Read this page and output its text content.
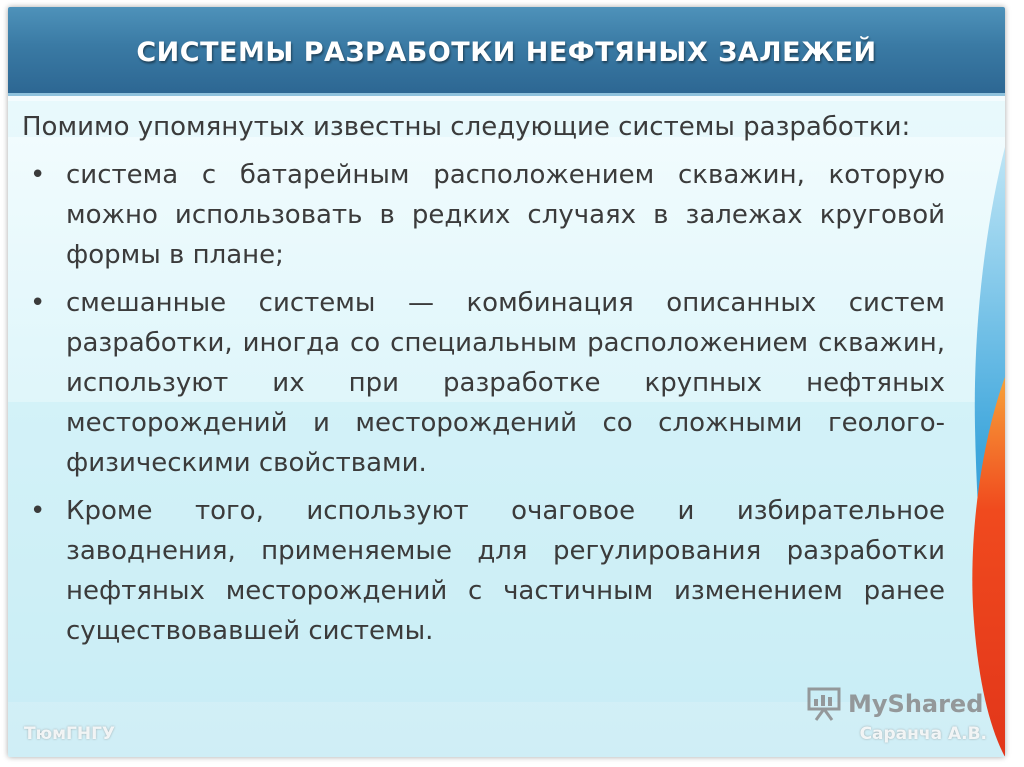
СИСТЕМЫ РАЗРАБОТКИ НЕФТЯНЫХ ЗАЛЕЖЕЙ

Помимо упомянутых известны следующие системы разработки:

• система с батарейным расположением скважин, которую можно использовать в редких случаях в залежах круговой формы в плане;
• смешанные системы — комбинация описанных систем разработки, иногда со специальным расположением скважин, используют их при разработке крупных нефтяных месторождений и месторождений со сложными геолого-физическими свойствами.
• Кроме того, используют очаговое и избирательное заводнения, применяемые для регулирования разработки нефтяных месторождений с частичным изменением ранее существовавшей системы.
MyShared
ТюмГНГУ	Саранча А.В.
